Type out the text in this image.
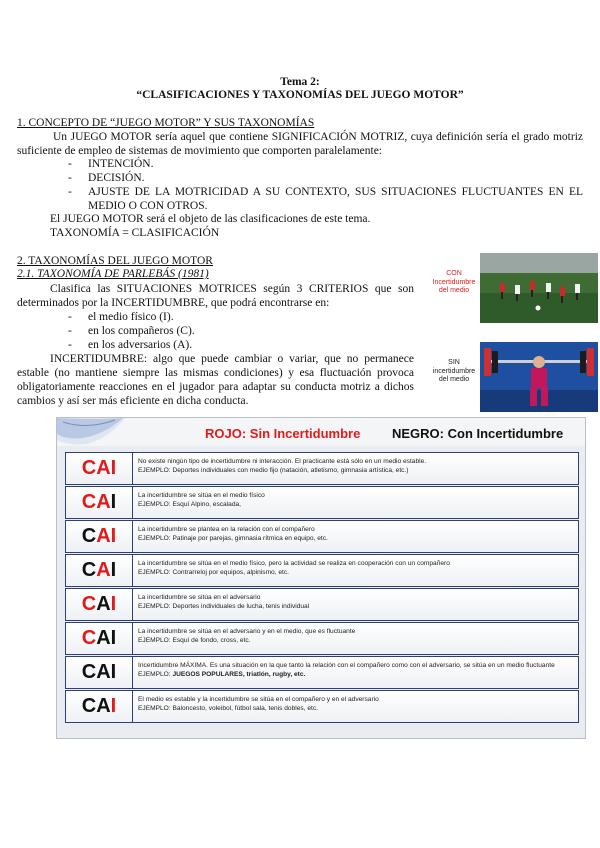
Tema 2:
“CLASIFICACIONES Y TAXONOMÍAS DEL JUEGO MOTOR”
1. CONCEPTO DE “JUEGO MOTOR” Y SUS TAXONOMÍAS
Un JUEGO MOTOR sería aquel que contiene SIGNIFICACIÓN MOTRIZ, cuya definición sería el grado motriz suficiente de empleo de sistemas de movimiento que comporten paralelamente:
- INTENCIÓN.
- DECISIÓN.
- AJUSTE DE LA MOTRICIDAD A SU CONTEXTO, SUS SITUACIONES FLUCTUANTES EN EL MEDIO O CON OTROS.
El JUEGO MOTOR será el objeto de las clasificaciones de este tema.
TAXONOMÍA = CLASIFICACIÓN
2. TAXONOMÍAS DEL JUEGO MOTOR
2.1. TAXONOMÍA DE PARLEBÁS (1981)
Clasifica las SITUACIONES MOTRICES según 3 CRITERIOS que son determinados por la INCERTIDUMBRE, que podrá encontrarse en:
- el medio físico (I).
- en los compañeros (C).
- en los adversarios (A).
INCERTIDUMBRE: algo que puede cambiar o variar, que no permanece estable (no mantiene siempre las mismas condiciones) y esa fluctuación provoca obligatoriamente reacciones en el jugador para adaptar su conducta motriz a dichos cambios y así ser más eficiente en dicha conducta.
CON Incertidumbre del medio
SIN incertidumbre del medio
ROJO: Sin Incertidumbre NEGRO: Con Incertidumbre
CAI	No existe ningún tipo de incertidumbre ni interacción. El practicante está sólo en un medio estable.
EJEMPLO: Deportes individuales con medio fijo (natación, atletismo, gimnasia artística, etc.)
CAI	La incertidumbre se sitúa en el medio físico
EJEMPLO: Esquí Alpino, escalada,
CAI	La incertidumbre se plantea en la relación con el compañero
EJEMPLO: Patinaje por parejas, gimnasia rítmica en equipo, etc.
CAI	La incertidumbre se sitúa en el medio físico, pero la actividad se realiza en cooperación con un compañero
EJEMPLO: Contrarreloj por equipos, alpinismo, etc.
CAI	La incertidumbre se sitúa en el adversario
EJEMPLO: Deportes individuales de lucha, tenis individual
CAI	La incertidumbre se sitúa en el adversario y en el medio, que es fluctuante
EJEMPLO: Esquí de fondo, cross, etc.
CAI	Incertidumbre MÁXIMA. Es una situación en la que tanto la relación con el compañero como con el adversario, se sitúa en un medio fluctuante
EJEMPLO: JUEGOS POPULARES, triatlón, rugby, etc.
CAI	El medio es estable y la incertidumbre se sitúa en el compañero y en el adversario
EJEMPLO: Baloncesto, voleibol, fútbol sala, tenis dobles, etc.
